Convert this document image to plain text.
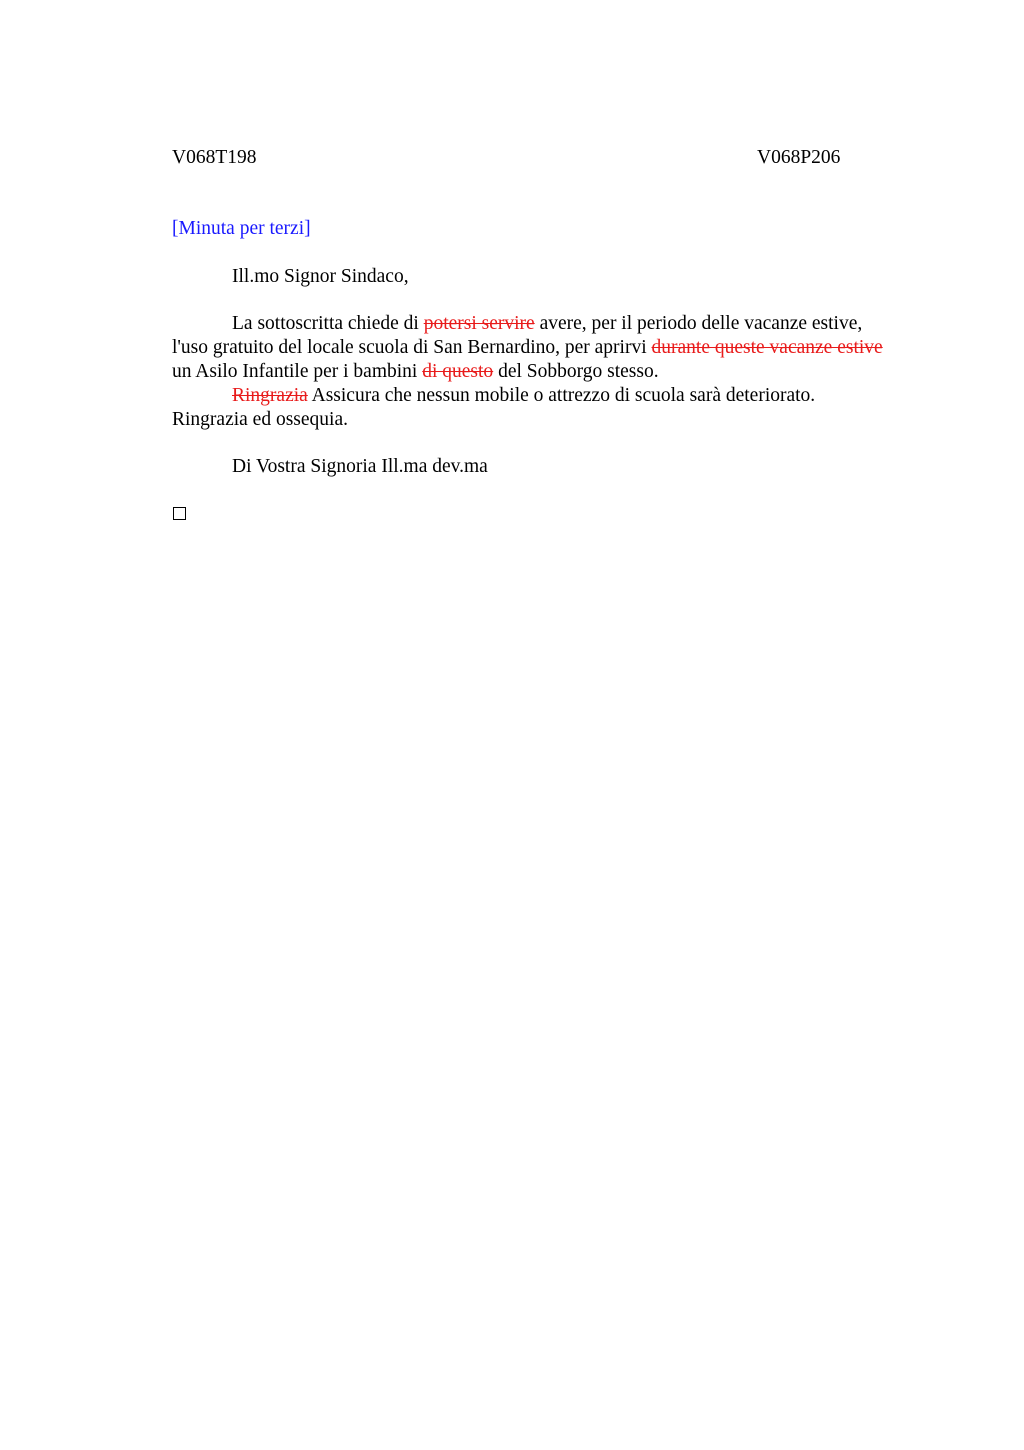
V068T198	V068P206
[Minuta per terzi]
Ill.mo Signor Sindaco,
La sottoscritta chiede di potersi servire avere, per il periodo delle vacanze estive,
l'uso gratuito del locale scuola di San Bernardino, per aprirvi durante queste vacanze estive
un Asilo Infantile per i bambini di questo del Sobborgo stesso.
Ringrazia Assicura che nessun mobile o attrezzo di scuola sarà deteriorato.
Ringrazia ed ossequia.
Di Vostra Signoria Ill.ma dev.ma
